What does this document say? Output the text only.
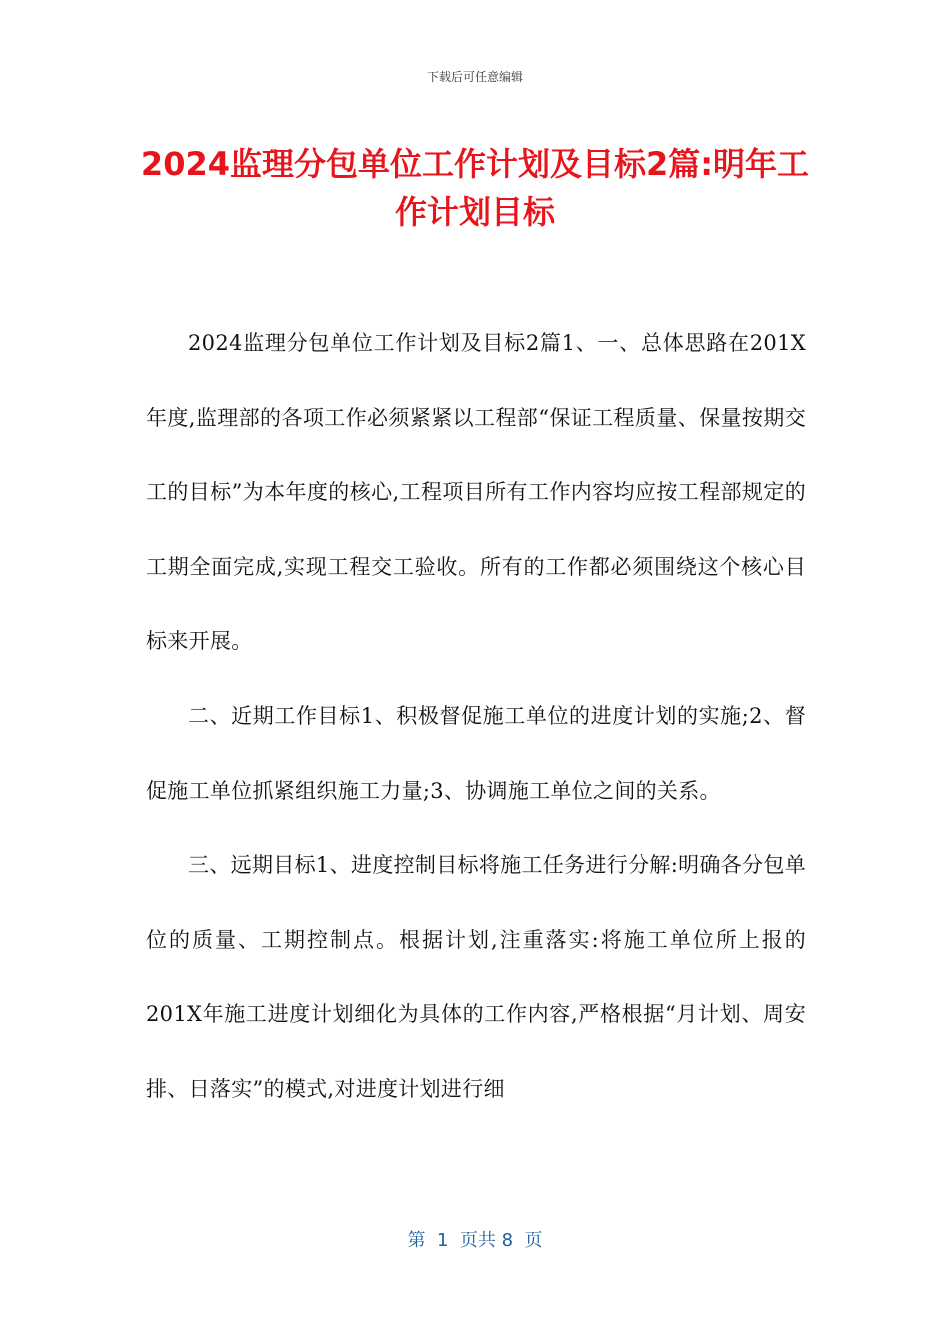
下载后可任意编辑
2024监理分包单位工作计划及目标2篇:明年工作计划目标

2024监理分包单位工作计划及目标2篇1、一、总体思路在201X年度,监理部的各项工作必须紧紧以工程部“保证工程质量、保量按期交工的目标”为本年度的核心,工程项目所有工作内容均应按工程部规定的工期全面完成,实现工程交工验收。所有的工作都必须围绕这个核心目标来开展。

二、近期工作目标1、积极督促施工单位的进度计划的实施;2、督促施工单位抓紧组织施工力量;3、协调施工单位之间的关系。

三、远期目标1、进度控制目标将施工任务进行分解:明确各分包单位的质量、工期控制点。根据计划,注重落实:将施工单位所上报的201X年施工进度计划细化为具体的工作内容,严格根据“月计划、周安排、日落实”的模式,对进度计划进行细

第  1  页共 8  页
